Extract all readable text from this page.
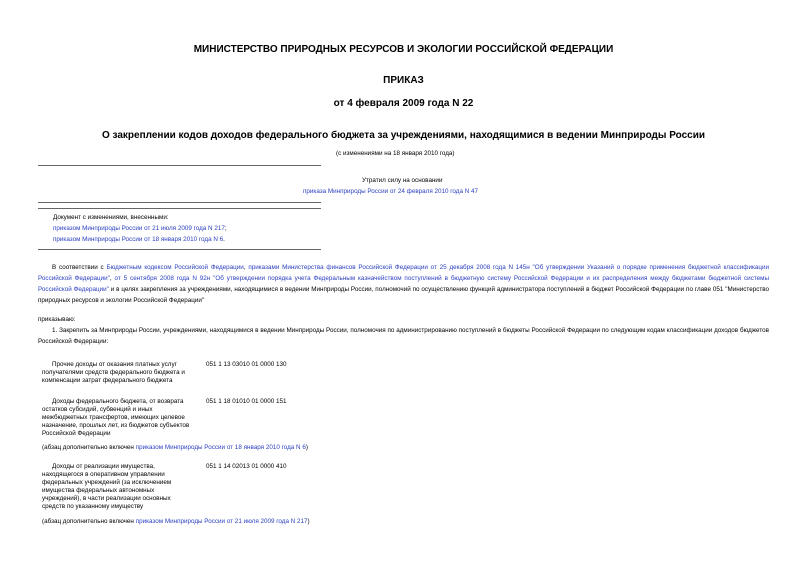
МИНИСТЕРСТВО ПРИРОДНЫХ РЕСУРСОВ И ЭКОЛОГИИ РОССИЙСКОЙ ФЕДЕРАЦИИ
ПРИКАЗ
от 4 февраля 2009 года N 22
О закреплении кодов доходов федерального бюджета за учреждениями, находящимися в ведении Минприроды России
(с изменениями на 18 января 2010 года)
Утратил силу на основании
приказа Минприроды России от 24 февраля 2010 года N 47
Документ с изменениями, внесенными:
приказом Минприроды России от 21 июля 2009 года N 217;
приказом Минприроды России от 18 января 2010 года N 6.
В соответствии с Бюджетным кодексом Российской Федерации, приказами Министерства финансов Российской Федерации от 25 декабря 2008 года N 145н "Об утверждении Указаний о порядке применения бюджетной классификации Российской Федерации", от 5 сентября 2008 года N 92н "Об утверждении порядка учета Федеральным казначейством поступлений в бюджетную систему Российской Федерации и их распределения между бюджетами бюджетной системы Российской Федерации" и в целях закрепления за учреждениями, находящимися в ведении Минприроды России, полномочий по осуществлению функций администратора поступлений в бюджет Российской Федерации по главе 051 "Министерство природных ресурсов и экологии Российской Федерации"
приказываю:
1. Закрепить за Минприроды России, учреждениями, находящимися в ведении Минприроды России, полномочия по администрированию поступлений в бюджеты Российской Федерации по следующим кодам классификации доходов бюджетов Российской Федерации:
Прочие доходы от оказания платных услуг получателями средств федерального бюджета и компенсации затрат федерального бюджета
051 1 13 03010 01 0000 130
Доходы федерального бюджета, от возврата остатков субсидий, субвенций и иных межбюджетных трансфертов, имеющих целевое назначение, прошлых лет, из бюджетов субъектов Российской Федерации
051 1 18 01010 01 0000 151
(абзац дополнительно включен приказом Минприроды России от 18 января 2010 года N 6)
Доходы от реализации имущества, находящегося в оперативном управлении федеральных учреждений (за исключением имущества федеральных автономных учреждений), в части реализации основных средств по указанному имуществу
051 1 14 02013 01 0000 410
(абзац дополнительно включен приказом Минприроды России от 21 июля 2009 года N 217)
